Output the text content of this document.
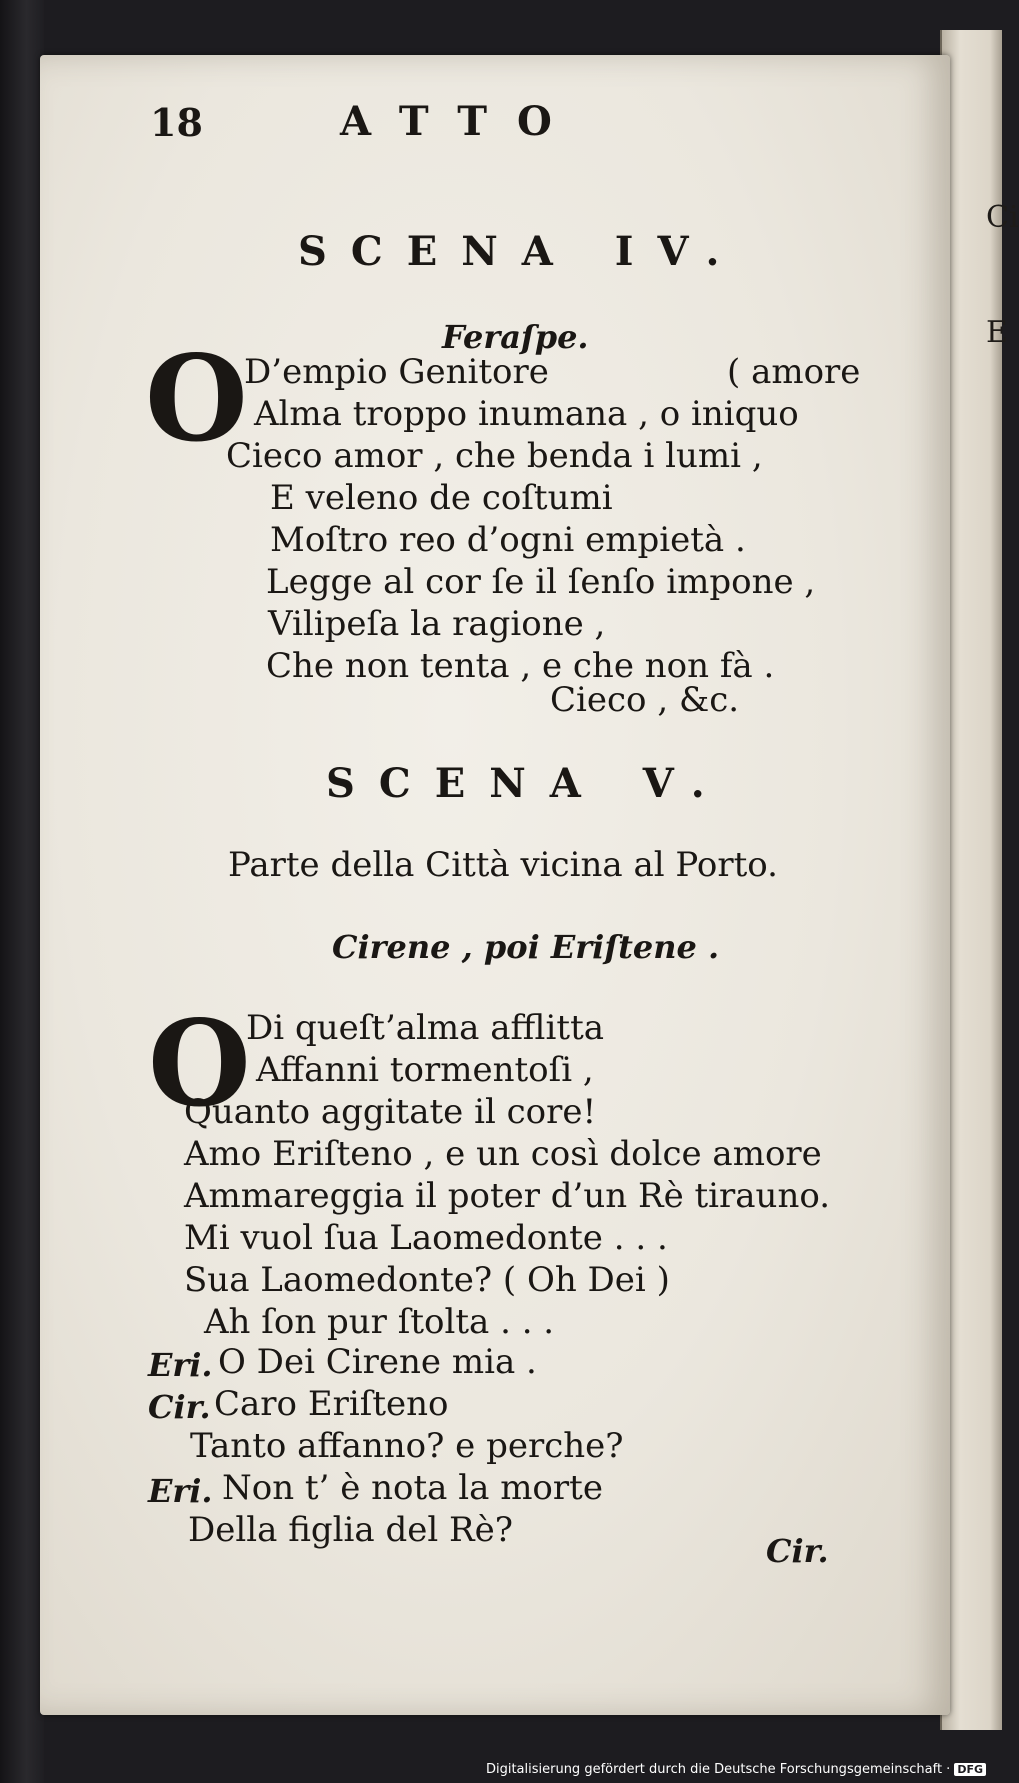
Ci
E
18	ATTO
SCENA IV.
Feraſpe.
O
D’empio Genitore	( amore
Alma troppo inumana , o iniquo
Cieco amor , che benda i lumi ,
E veleno de coſtumi
Moſtro reo d’ogni empietà .
Legge al cor ſe il ſenſo impone ,
Vilipeſa la ragione ,
Che non tenta , e che non fà .
Cieco , &c.
SCENA V.
Parte della Città vicina al Porto.
Cirene , poi Eriſtene .
O
Di queſt’alma afflitta
Affanni tormentoſi ,
Quanto aggitate il core!
Amo Eriſteno , e un così dolce amore
Ammareggia il poter d’un Rè tirauno.
Mi vuol ſua Laomedonte . . .
Sua Laomedonte? ( Oh Dei )
Ah ſon pur ſtolta . . .
Eri. O Dei Cirene mia .
Cir. Caro Eriſteno
Tanto affanno? e perche?
Eri. Non t’ è nota la morte
Della figlia del Rè?
Cir.
Digitalisierung gefördert durch die Deutsche Forschungsgemeinschaft · DFG
